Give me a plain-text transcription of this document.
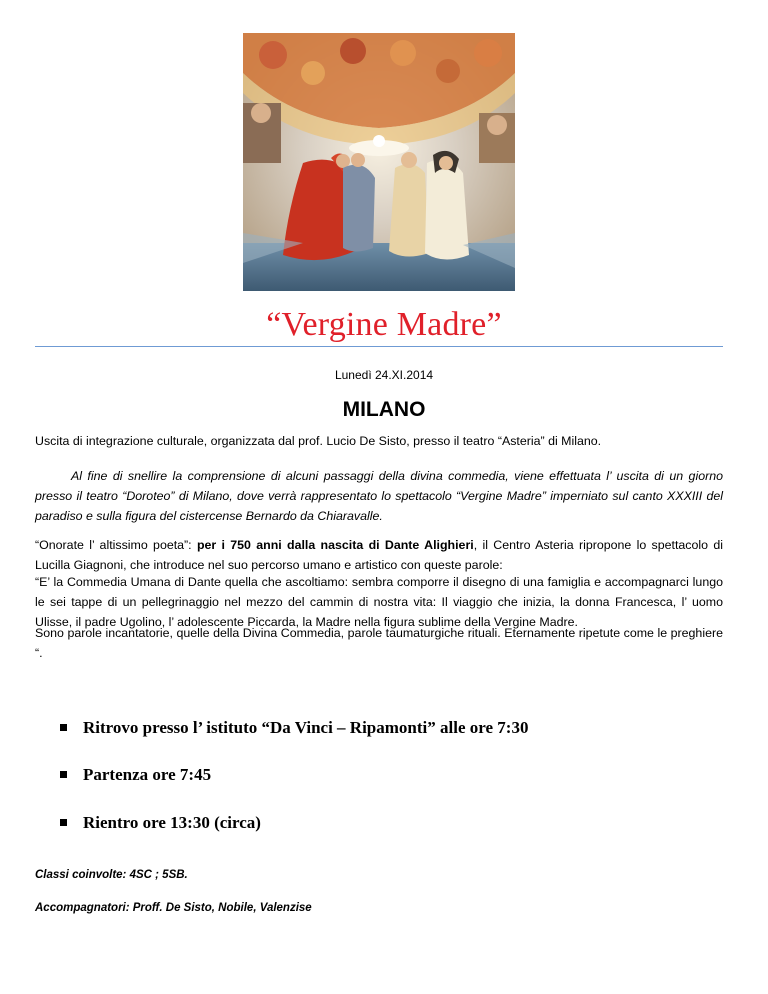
“Vergine Madre”
Lunedì 24.XI.2014
MILANO

Uscita di integrazione culturale, organizzata dal prof. Lucio De Sisto, presso il teatro “Asteria” di Milano.

Al fine di snellire la comprensione di alcuni passaggi della divina commedia, viene effettuata l’ uscita di un giorno presso il teatro “Doroteo” di Milano, dove verrà rappresentato lo spettacolo “Vergine Madre” imperniato sul canto XXXIII del paradiso e sulla figura del cistercense Bernardo da Chiaravalle.

“Onorate l’ altissimo poeta”: per i 750 anni dalla nascita di Dante Alighieri, il Centro Asteria ripropone lo spettacolo di Lucilla Giagnoni, che introduce nel suo percorso umano e artistico con queste parole:

“E’ la Commedia Umana di Dante quella che ascoltiamo: sembra comporre il disegno di una famiglia e accompagnarci lungo le sei tappe di un pellegrinaggio nel mezzo del cammin di nostra vita: Il viaggio che inizia, la donna Francesca, l’ uomo Ulisse, il padre Ugolino, l’ adolescente Piccarda, la Madre nella figura sublime della Vergine Madre.

Sono parole incantatorie, quelle della Divina Commedia, parole taumaturgiche rituali. Eternamente ripetute come le preghiere “.

Ritrovo presso l’ istituto “Da Vinci – Ripamonti” alle ore 7:30
Partenza ore 7:45
Rientro ore 13:30 (circa)
Classi coinvolte: 4SC ; 5SB.
Accompagnatori: Proff. De Sisto, Nobile, Valenzise
